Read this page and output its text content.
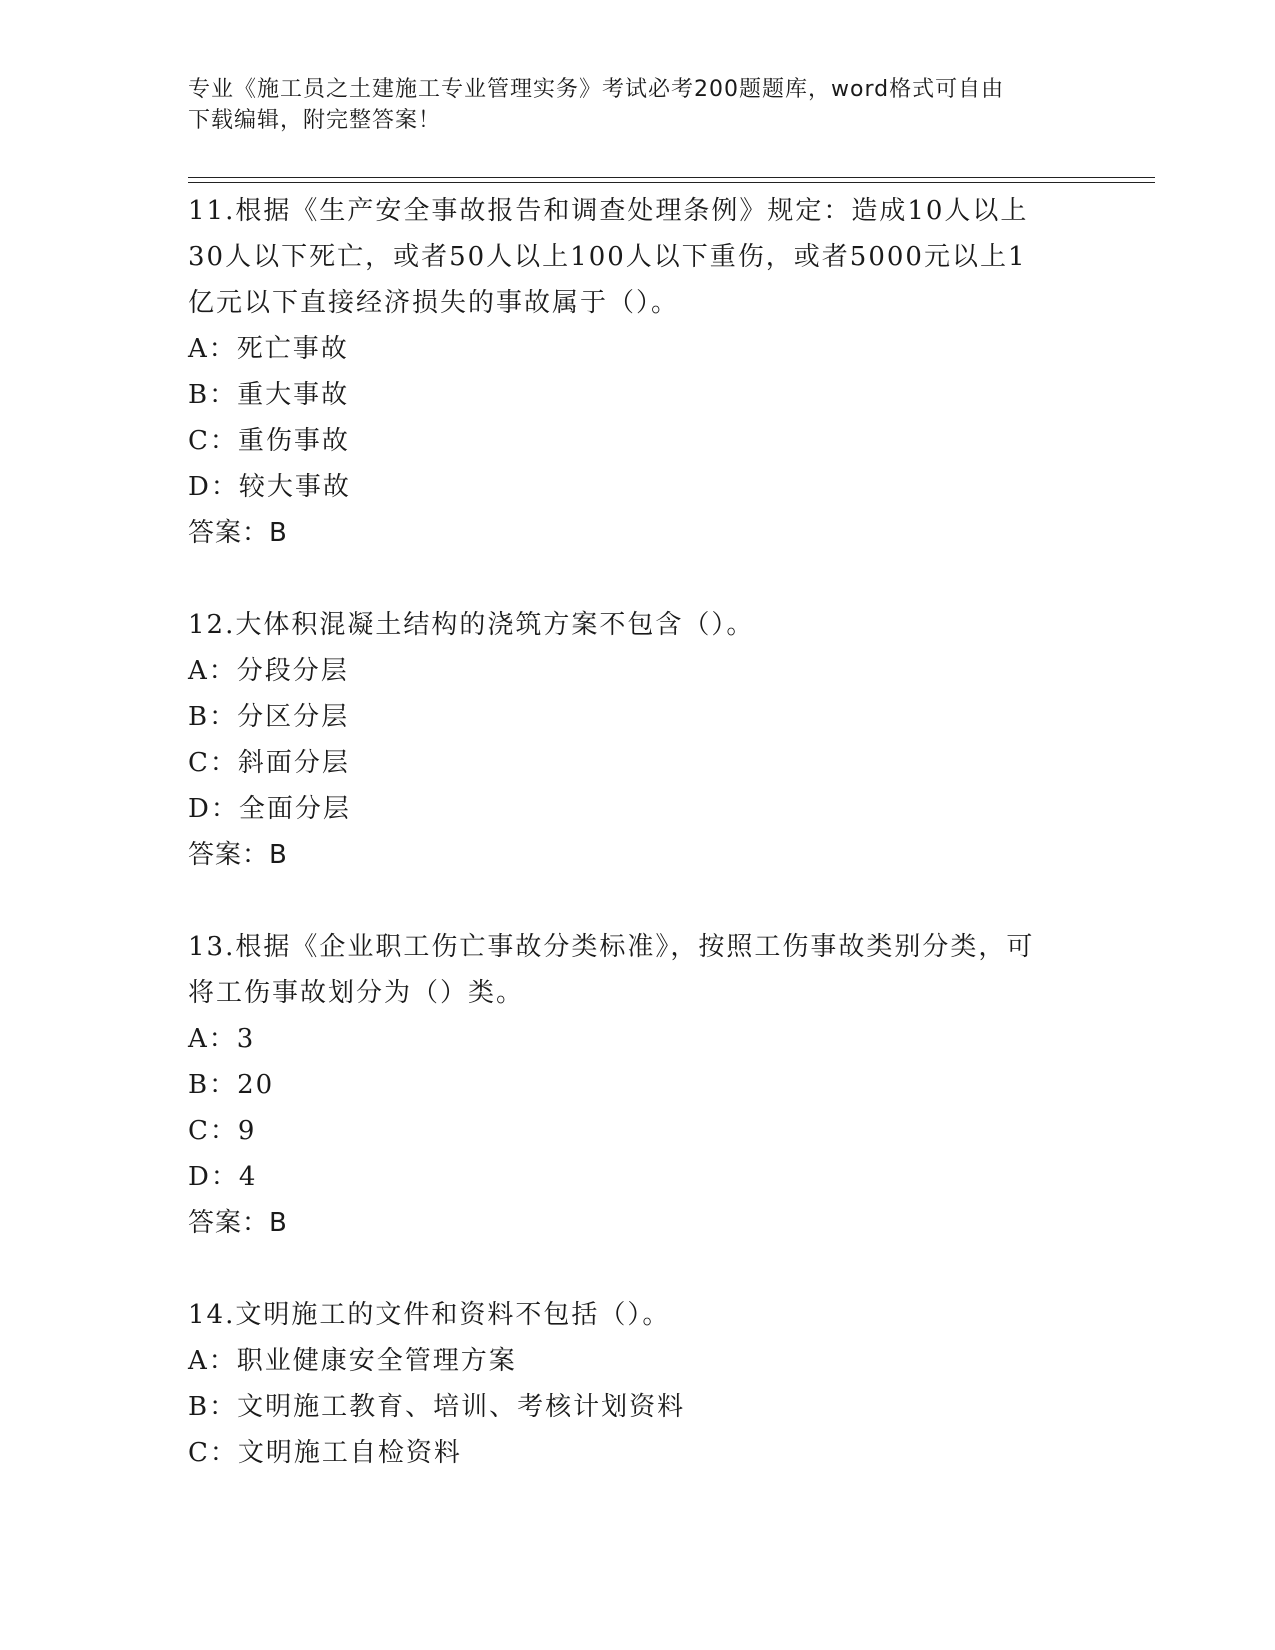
专业《施工员之土建施工专业管理实务》考试必考200题题库，word格式可自由
下载编辑，附完整答案！
11.根据《生产安全事故报告和调查处理条例》规定：造成10人以上
30人以下死亡，或者50人以上100人以下重伤，或者5000元以上1
亿元以下直接经济损失的事故属于（）。
A：死亡事故
B：重大事故
C：重伤事故
D：较大事故
答案：B
12.大体积混凝土结构的浇筑方案不包含（）。
A：分段分层
B：分区分层
C：斜面分层
D：全面分层
答案：B
13.根据《企业职工伤亡事故分类标准》，按照工伤事故类别分类，可
将工伤事故划分为（）类。
A：3
B：20
C：9
D：4
答案：B
14.文明施工的文件和资料不包括（）。
A：职业健康安全管理方案
B：文明施工教育、培训、考核计划资料
C：文明施工自检资料
